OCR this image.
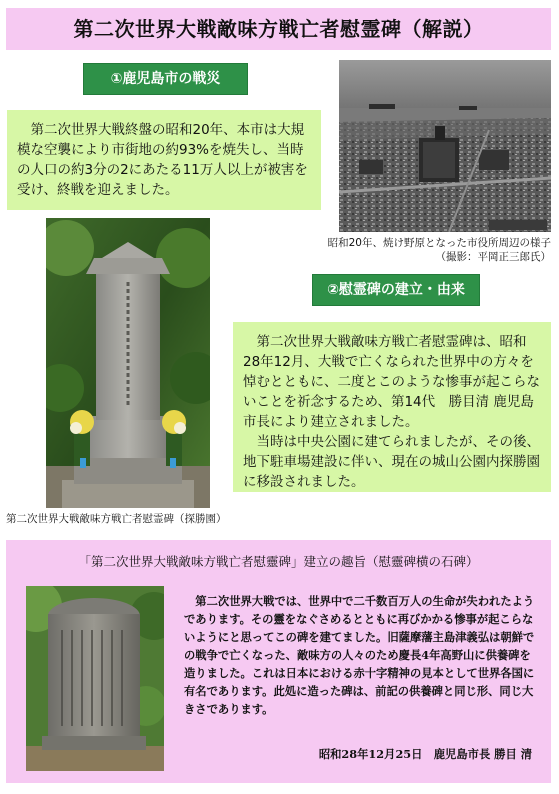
第二次世界大戦敵味方戦亡者慰霊碑（解説）
①鹿児島市の戦災

第二次世界大戦終盤の昭和20年、本市は大規模な空襲により市街地の約93%を焼失し、当時の人口の約3分の2にあたる11万人以上が被害を受け、終戦を迎えました。

昭和20年、焼け野原となった市役所周辺の様子
（撮影：平岡正三郎氏）
第二次世界大戦敵味方戦亡者慰霊碑（探勝園）
②慰霊碑の建立・由来

第二次世界大戦敵味方戦亡者慰霊碑は、昭和28年12月、大戦で亡くなられた世界中の方々を悼むとともに、二度とこのような惨事が起こらないことを祈念するため、第14代　勝目清 鹿児島市長により建立されました。

当時は中央公園に建てられましたが、その後、地下駐車場建設に伴い、現在の城山公園内探勝園に移設されました。

「第二次世界大戦敵味方戦亡者慰靈碑」建立の趣旨（慰靈碑横の石碑）

第二次世界大戦では、世界中で二千数百万人の生命が失われたようであります。その靈をなぐさめるとともに再びかかる惨事が起こらないようにと思ってこの碑を建てました。旧薩摩藩主島津義弘は朝鮮での戦争で亡くなった、敵味方の人々のため慶長4年高野山に供養碑を造りました。これは日本における赤十字精神の見本として世界各国に有名であります。此処に造った碑は、前記の供養碑と同じ形、同じ大きさであります。

昭和28年12月25日　鹿児島市長 勝目 清
